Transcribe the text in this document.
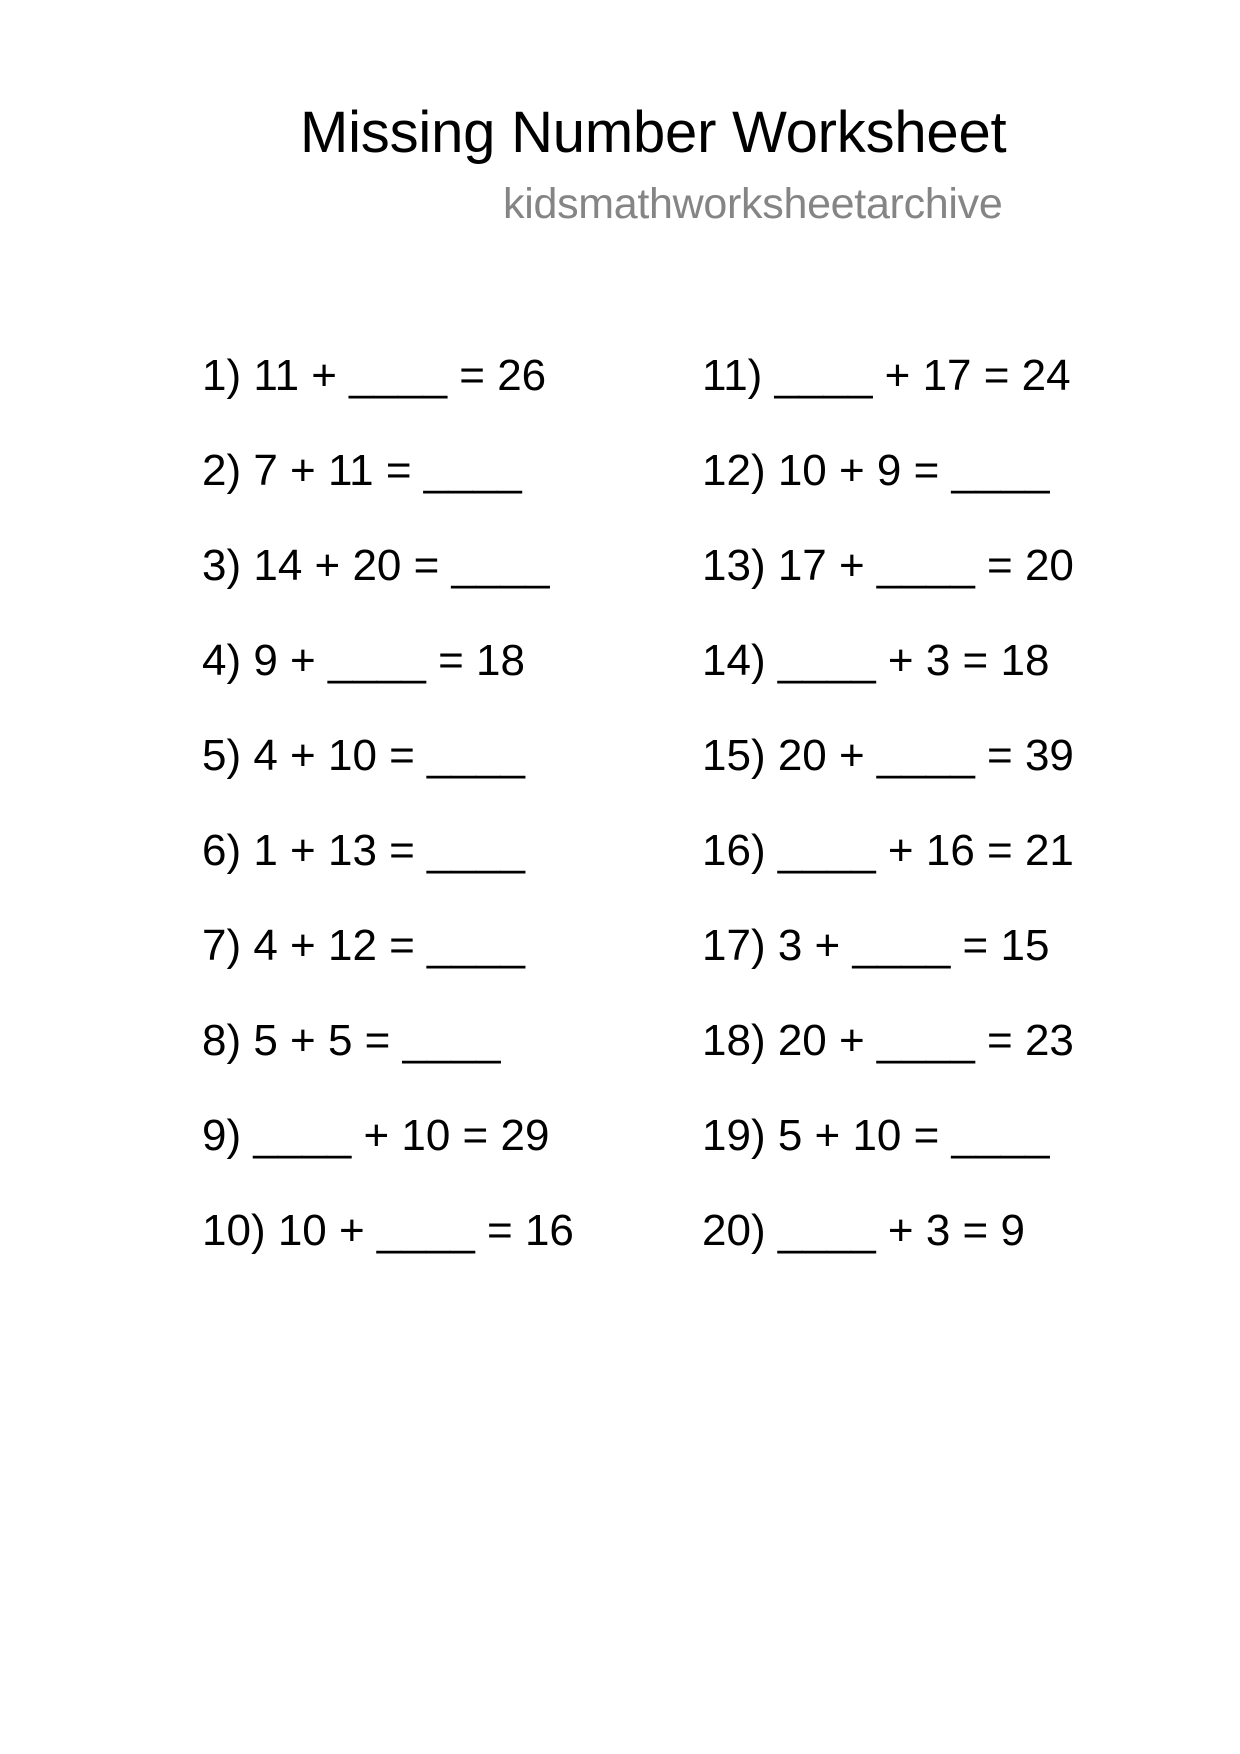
Missing Number Worksheet
kidsmathworksheetarchive
1) 11 + ____ = 26
2) 7 + 11 = ____
3) 14 + 20 = ____
4) 9 + ____ = 18
5) 4 + 10 = ____
6) 1 + 13 = ____
7) 4 + 12 = ____
8) 5 + 5 = ____
9) ____ + 10 = 29
10) 10 + ____ = 16
11) ____ + 17 = 24
12) 10 + 9 = ____
13) 17 + ____ = 20
14) ____ + 3 = 18
15) 20 + ____ = 39
16) ____ + 16 = 21
17) 3 + ____ = 15
18) 20 + ____ = 23
19) 5 + 10 = ____
20) ____ + 3 = 9
